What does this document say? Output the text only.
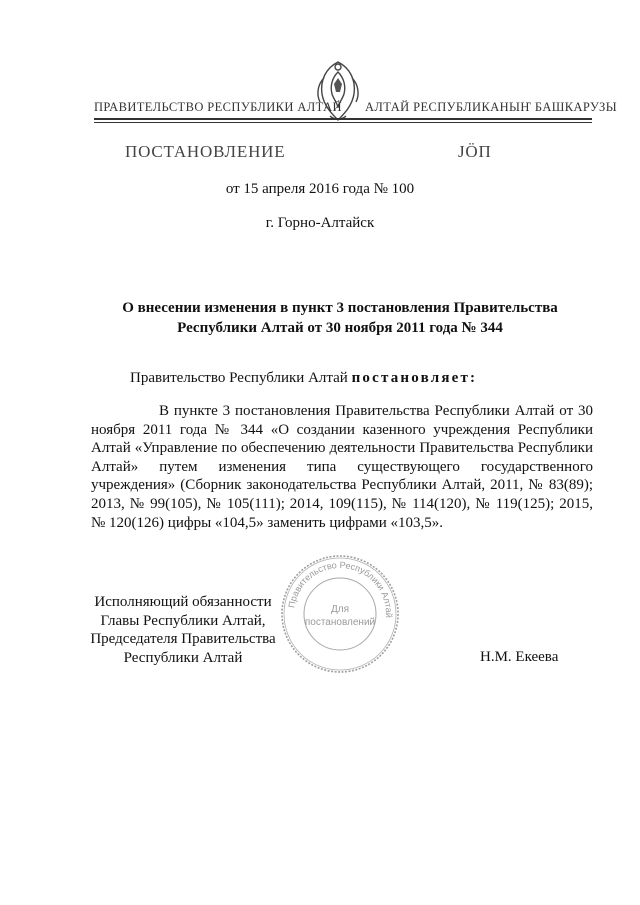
ПРАВИТЕЛЬСТВО РЕСПУБЛИКИ АЛТАЙ АЛТАЙ РЕСПУБЛИКАНЫҤ БАШКАРУЗЫ
ПОСТАНОВЛЕНИЕ	JӦП
от 15 апреля 2016 года № 100
г. Горно-Алтайск
О внесении изменения в пункт 3 постановления Правительства
Республики Алтай от 30 ноября 2011 года № 344
Правительство Республики Алтай постановляет:
В пункте 3 постановления Правительства Республики Алтай от 30 ноября 2011 года № 344 «О создании казенного учреждения Республики Алтай «Управление по обеспечению деятельности Правительства Республики Алтай» путем изменения типа существующего государственного учреждения» (Сборник законодательства Республики Алтай, 2011, № 83(89); 2013, № 99(105), № 105(111); 2014, 109(115), № 114(120), № 119(125); 2015, № 120(126) цифры «104,5» заменить цифрами «103,5».
Правительство Республики Алтай
Для
постановлений
Исполняющий обязанности
Главы Республики Алтай,
Председателя Правительства
Республики Алтай	Н.М. Екеева
